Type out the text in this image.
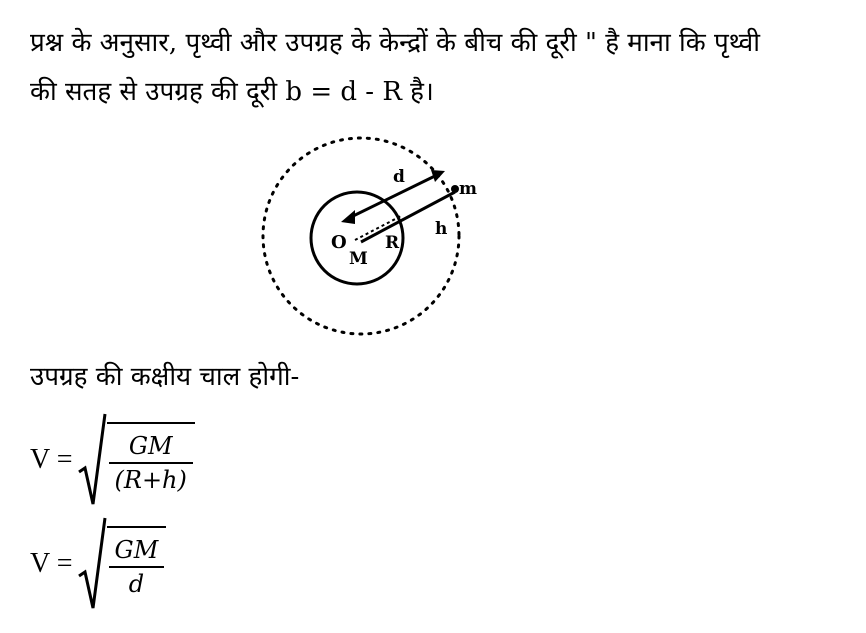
प्रश्न के अनुसार, पृथ्वी और उपग्रह के केन्द्रों के बीच की दूरी " है माना कि पृथ्वी
की सतह से उपग्रह की दूरी b = d - R है।
d
m
h
O R
M
उपग्रह की कक्षीय चाल होगी-
V = GM
(R+h)
V = GM
d
